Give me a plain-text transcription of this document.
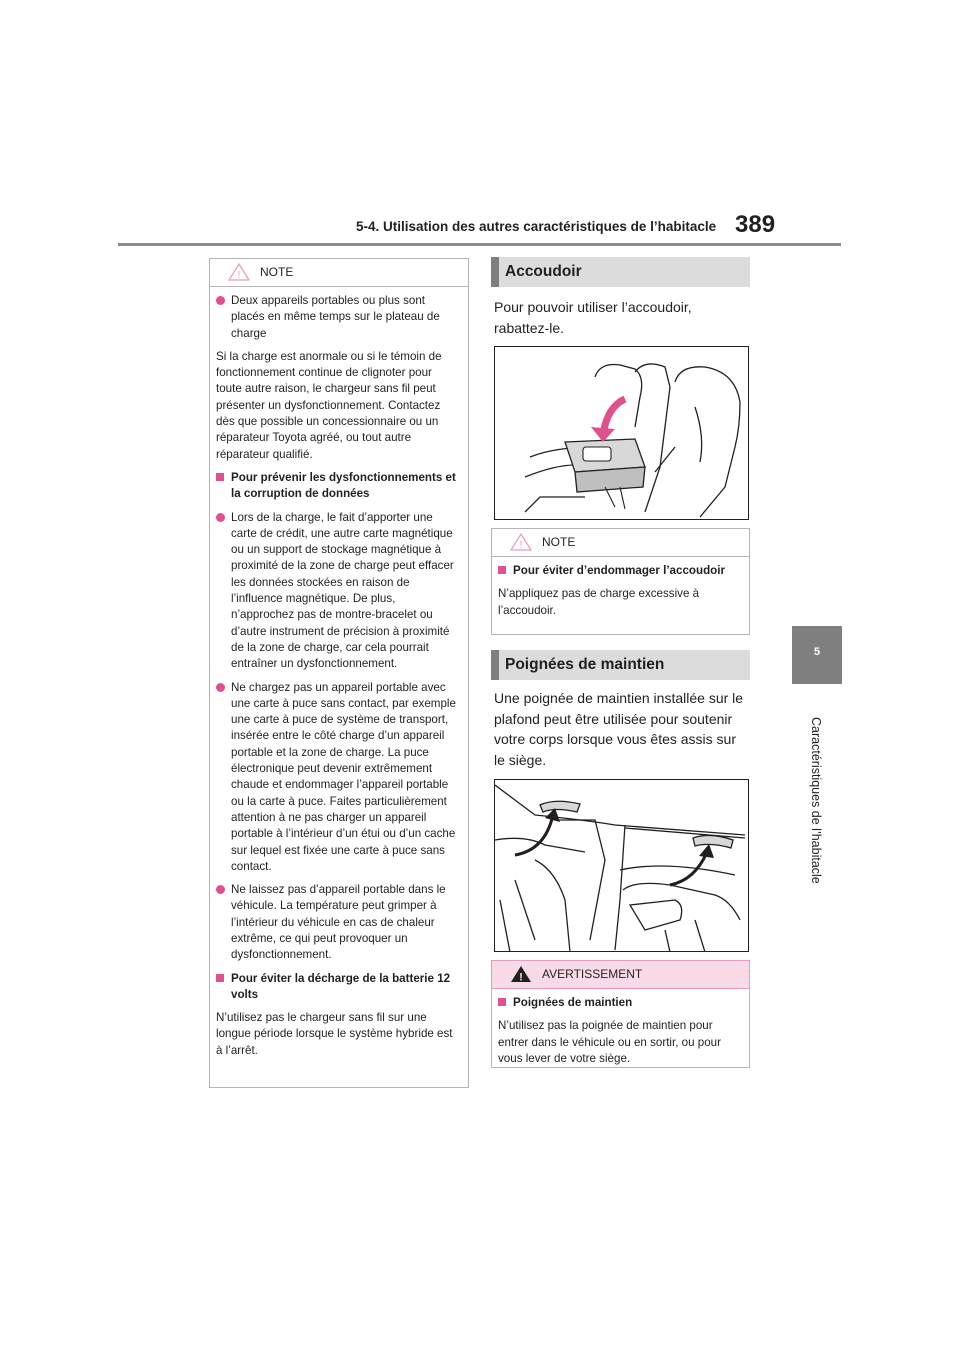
5-4. Utilisation des autres caractéristiques de l’habitacle 389
5
Caractéristiques de l’habitacle
! NOTE
Deux appareils portables ou plus sont placés en même temps sur le plateau de charge
Si la charge est anormale ou si le témoin de fonctionnement continue de clignoter pour toute autre raison, le chargeur sans fil peut présenter un dysfonctionnement. Contactez dès que possible un concessionnaire ou un réparateur Toyota agréé, ou tout autre réparateur qualifié.
Pour prévenir les dysfonctionnements et la corruption de données
Lors de la charge, le fait d’apporter une carte de crédit, une autre carte magnétique ou un support de stockage magnétique à proximité de la zone de charge peut effacer les données stockées en raison de l’influence magnétique. De plus, n’approchez pas de montre-bracelet ou d’autre instrument de précision à proximité de la zone de charge, car cela pourrait entraîner un dysfonctionnement.
Ne chargez pas un appareil portable avec une carte à puce sans contact, par exemple une carte à puce de système de transport, insérée entre le côté charge d’un appareil portable et la zone de charge. La puce électronique peut devenir extrêmement chaude et endommager l’appareil portable ou la carte à puce. Faites particulièrement attention à ne pas charger un appareil portable à l’intérieur d’un étui ou d’un cache sur lequel est fixée une carte à puce sans contact.
Ne laissez pas d’appareil portable dans le véhicule. La température peut grimper à l’intérieur du véhicule en cas de chaleur extrême, ce qui peut provoquer un dysfonctionnement.
Pour éviter la décharge de la batterie 12 volts
N’utilisez pas le chargeur sans fil sur une longue période lorsque le système hybride est à l’arrêt.
Accoudoir
Pour pouvoir utiliser l’accoudoir, rabattez-le.
! NOTE
Pour éviter d’endommager l’accoudoir
N’appliquez pas de charge excessive à l’accoudoir.
Poignées de maintien
Une poignée de maintien installée sur le plafond peut être utilisée pour soutenir votre corps lorsque vous êtes assis sur le siège.
! AVERTISSEMENT
Poignées de maintien
N’utilisez pas la poignée de maintien pour entrer dans le véhicule ou en sortir, ou pour vous lever de votre siège.
